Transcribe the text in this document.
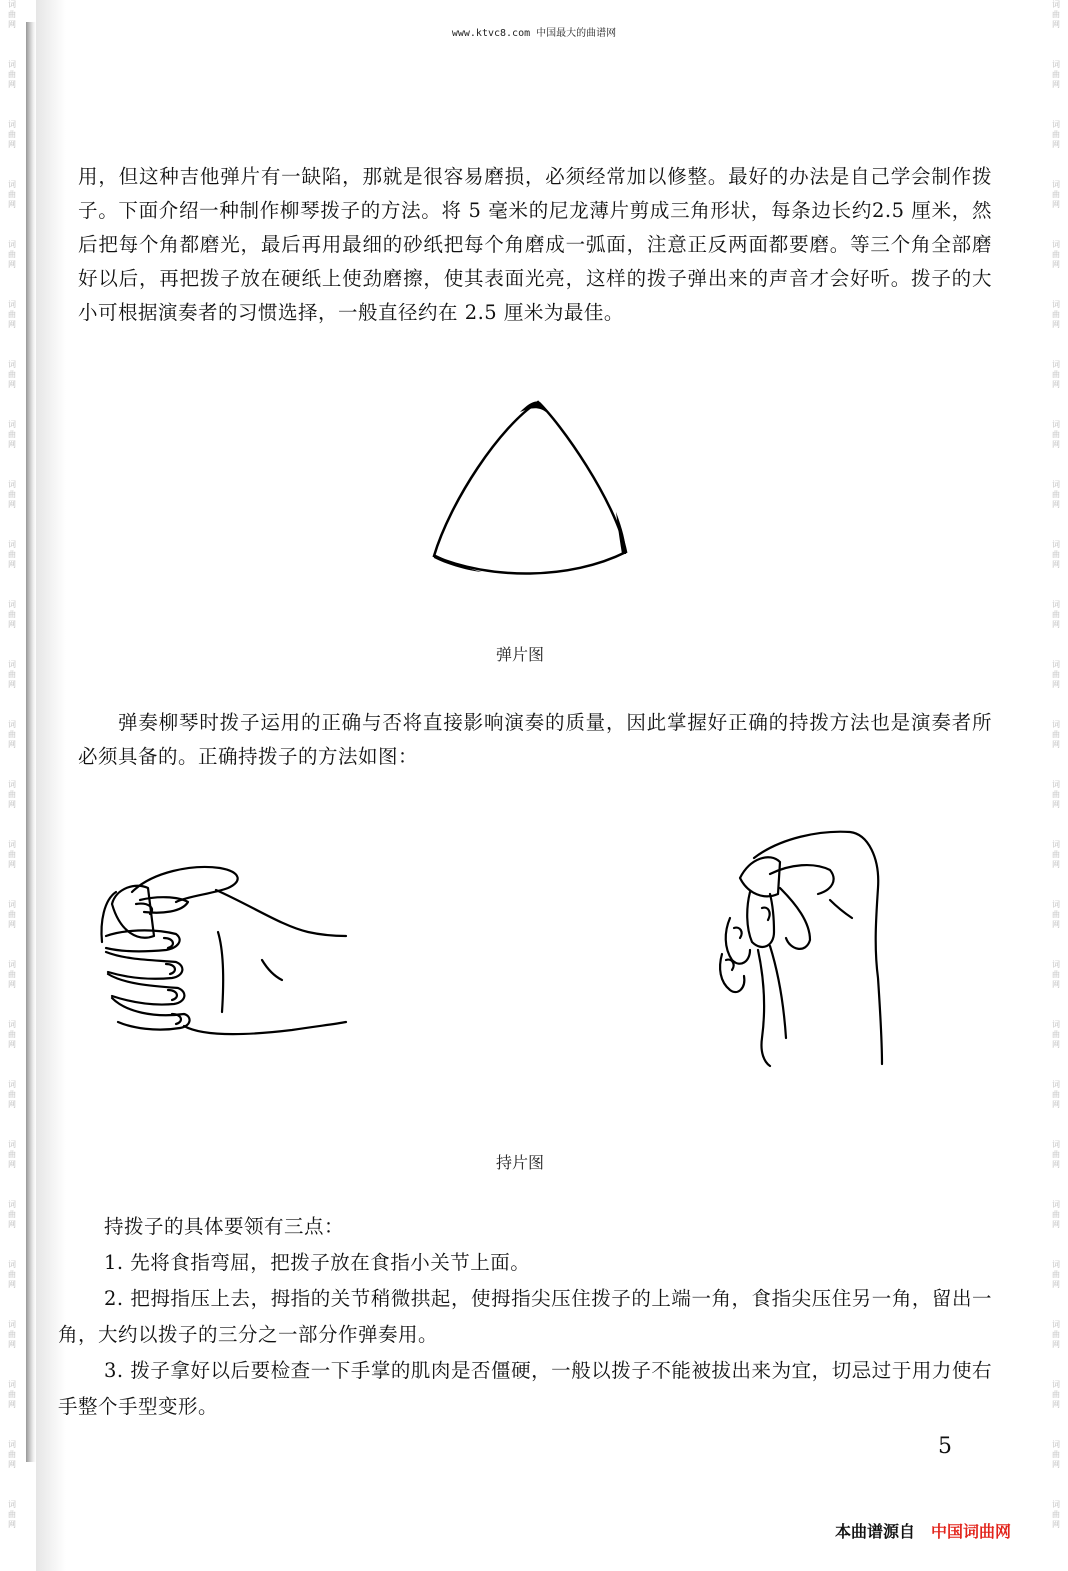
词
曲
网
词
曲
网
词
曲
网
词
曲
网
词
曲
网
词
曲
网
词
曲
网
词
曲
网
词
曲
网
词
曲
网
词
曲
网
词
曲
网
词
曲
网
词
曲
网
词
曲
网
词
曲
网
词
曲
网
词
曲
网
词
曲
网
词
曲
网
词
曲
网
词
曲
网
词
曲
网
词
曲
网
词
曲
网
词
曲
网
词
曲
网
词
曲
网
词
曲
网
词
曲
网
词
曲
网
词
曲
网
词
曲
网
词
曲
网
词
曲
网
词
曲
网
词
曲
网
词
曲
网
词
曲
网
词
曲
网
词
曲
网
词
曲
网
词
曲
网
词
曲
网
词
曲
网
词
曲
网
词
曲
网
词
曲
网
词
曲
网
词
曲
网
词
曲
网
词
曲
网
www.ktvc8.com 中国最大的曲谱网
用，但这种吉他弹片有一缺陷，那就是很容易磨损，必须经常加以修整。最好的办法是自己学会制作拨子。下面介绍一种制作柳琴拨子的方法。将 5 毫米的尼龙薄片剪成三角形状，每条边长约2.5 厘米，然后把每个角都磨光，最后再用最细的砂纸把每个角磨成一弧面，注意正反两面都要磨。等三个角全部磨好以后，再把拨子放在硬纸上使劲磨擦，使其表面光亮，这样的拨子弹出来的声音才会好听。拨子的大小可根据演奏者的习惯选择，一般直径约在 2.5 厘米为最佳。
弹片图
弹奏柳琴时拨子运用的正确与否将直接影响演奏的质量，因此掌握好正确的持拨方法也是演奏者所必须具备的。正确持拨子的方法如图：
持片图
持拨子的具体要领有三点：
1. 先将食指弯屈，把拨子放在食指小关节上面。
2. 把拇指压上去，拇指的关节稍微拱起，使拇指尖压住拨子的上端一角，食指尖压住另一角，留出一角，大约以拨子的三分之一部分作弹奏用。
3. 拨子拿好以后要检查一下手掌的肌肉是否僵硬，一般以拨子不能被拔出来为宜，切忌过于用力使右手整个手型变形。
5
本曲谱源自 中国词曲网
